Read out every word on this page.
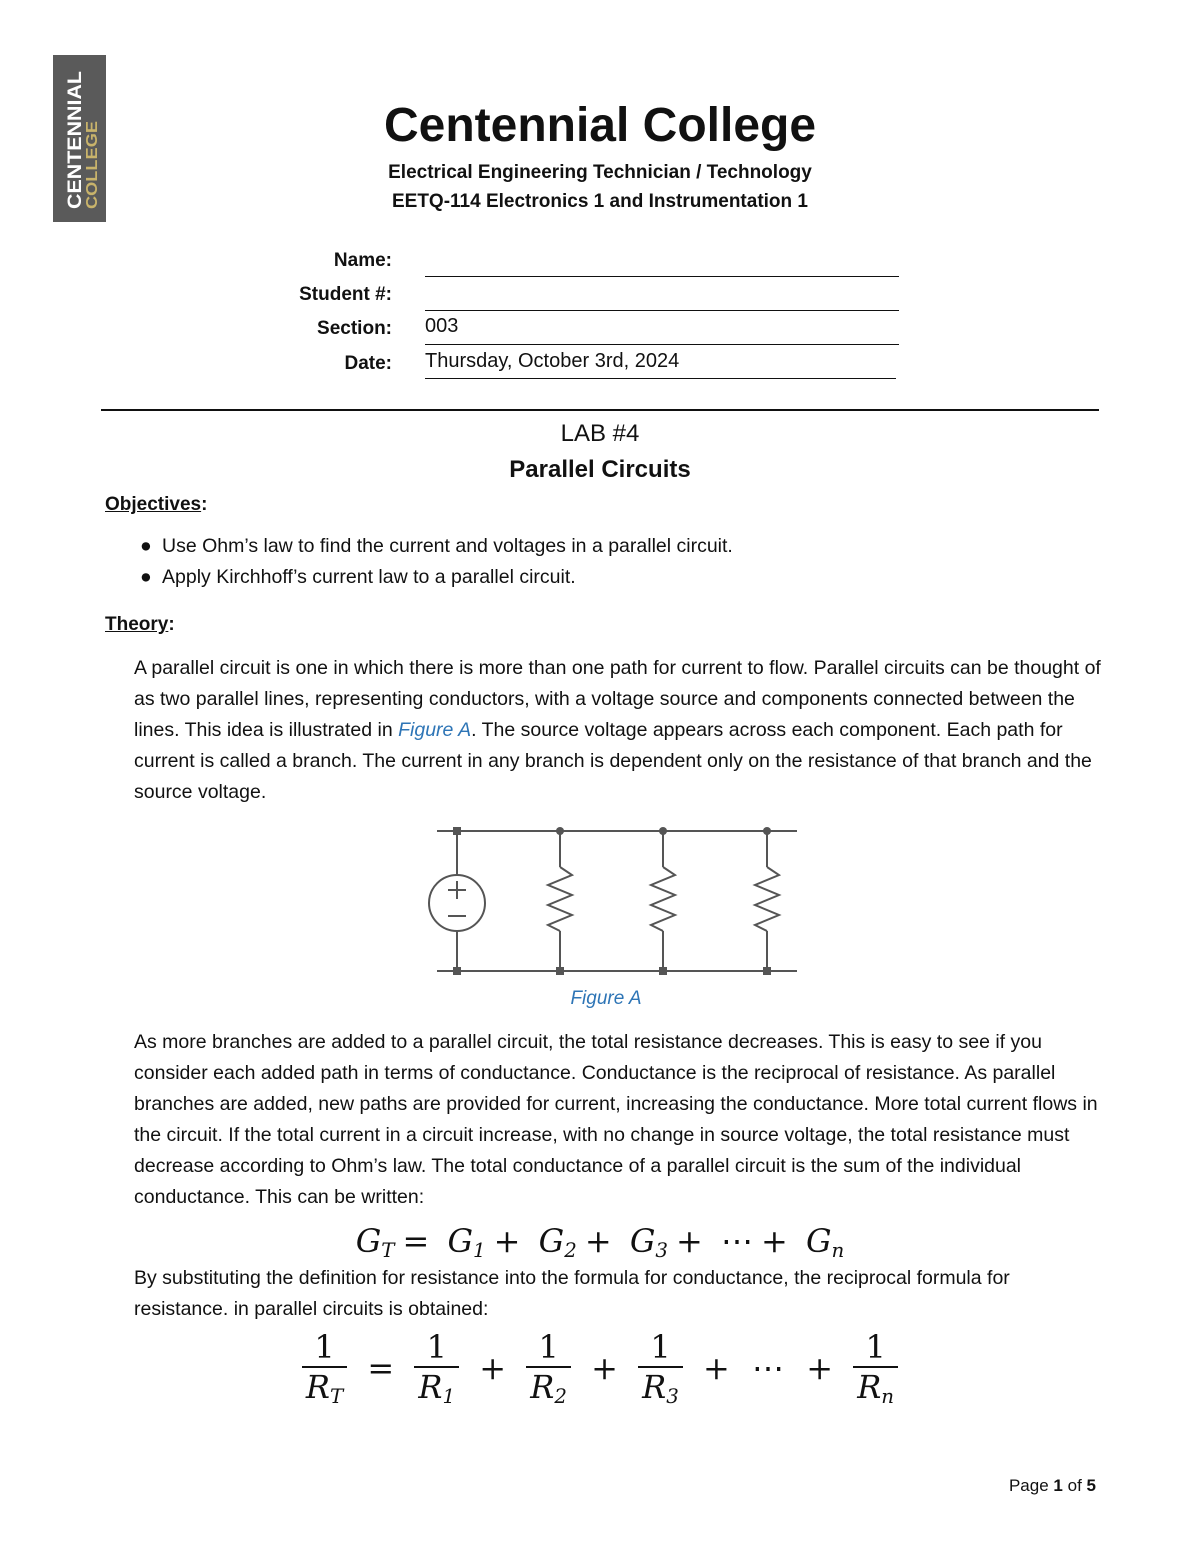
CENTENNIAL
COLLEGE
Centennial College
Electrical Engineering Technician / Technology
EETQ-114 Electronics 1 and Instrumentation 1
Name:
Student #:
Section: 003
Date: Thursday, October 3rd, 2024
LAB #4
Parallel Circuits
Objectives:
● Use Ohm’s law to find the current and voltages in a parallel circuit.
● Apply Kirchhoff’s current law to a parallel circuit.
Theory:
A parallel circuit is one in which there is more than one path for current to flow. Parallel circuits can be thought of as two parallel lines, representing conductors, with a voltage source and components connected between the lines. This idea is illustrated in Figure A. The source voltage appears across each component. Each path for current is called a branch. The current in any branch is dependent only on the resistance of that branch and the source voltage.
Figure A
As more branches are added to a parallel circuit, the total resistance decreases. This is easy to see if you consider each added path in terms of conductance. Conductance is the reciprocal of resistance. As parallel branches are added, new paths are provided for current, increasing the conductance. More total current flows in the circuit. If the total current in a circuit increase, with no change in source voltage, the total resistance must decrease according to Ohm’s law. The total conductance of a parallel circuit is the sum of the individual conductance. This can be written:
$G_T = G_1 + G_2 + G_3$ + ⋯ + $G_n$
By substituting the definition for resistance into the formula for conductance, the reciprocal formula for resistance. in parallel circuits is obtained:
$\frac{1}{R_T} = \frac{1}{R_1} + \frac{1}{R_2} + \frac{1}{R_3}$ + ⋯ + $\frac{1}{R_n}$
Page 1 of 5
